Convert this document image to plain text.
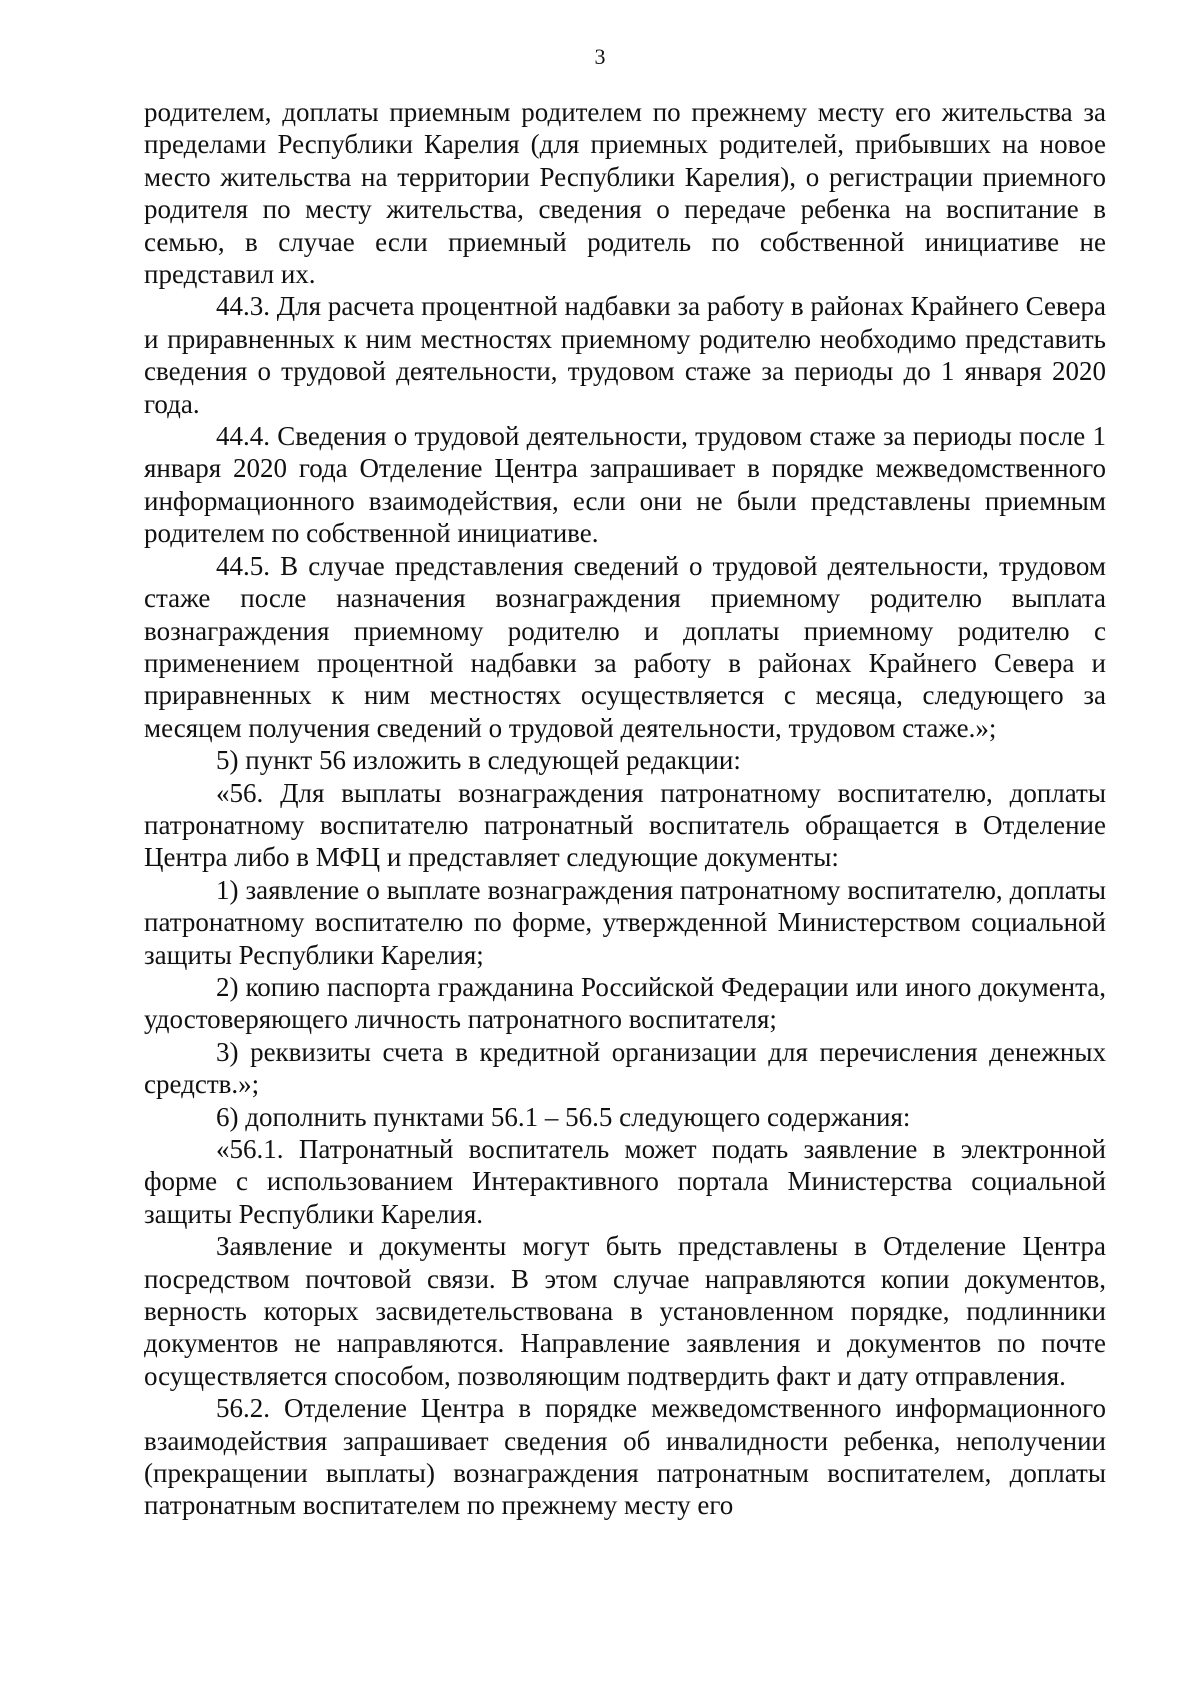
3

родителем, доплаты приемным родителем по прежнему месту его жительства за пределами Республики Карелия (для приемных родителей, прибывших на новое место жительства на территории Республики Карелия), о регистрации приемного родителя по месту жительства, сведения о передаче ребенка на воспитание в семью, в случае если приемный родитель по собственной инициативе не представил их.

44.3. Для расчета процентной надбавки за работу в районах Крайнего Севера и приравненных к ним местностях приемному родителю необходимо представить сведения о трудовой деятельности, трудовом стаже за периоды до 1 января 2020 года.

44.4. Сведения о трудовой деятельности, трудовом стаже за периоды после 1 января 2020 года Отделение Центра запрашивает в порядке межведомственного информационного взаимодействия, если они не были представлены приемным родителем по собственной инициативе.

44.5. В случае представления сведений о трудовой деятельности, трудовом стаже после назначения вознаграждения приемному родителю выплата вознаграждения приемному родителю и доплаты приемному родителю с применением процентной надбавки за работу в районах Крайнего Севера и приравненных к ним местностях осуществляется с месяца, следующего за месяцем получения сведений о трудовой деятельности, трудовом стаже.»;

5) пункт 56 изложить в следующей редакции:

«56. Для выплаты вознаграждения патронатному воспитателю, доплаты патронатному воспитателю патронатный воспитатель обращается в Отделение Центра либо в МФЦ и представляет следующие документы:

1) заявление о выплате вознаграждения патронатному воспитателю, доплаты патронатному воспитателю по форме, утвержденной Министерством социальной защиты Республики Карелия;

2) копию паспорта гражданина Российской Федерации или иного документа, удостоверяющего личность патронатного воспитателя;

3) реквизиты счета в кредитной организации для перечисления денежных средств.»;

6) дополнить пунктами 56.1 – 56.5 следующего содержания:

«56.1. Патронатный воспитатель может подать заявление в электронной форме с использованием Интерактивного портала Министерства социальной защиты Республики Карелия.

Заявление и документы могут быть представлены в Отделение Центра посредством почтовой связи. В этом случае направляются копии документов, верность которых засвидетельствована в установленном порядке, подлинники документов не направляются. Направление заявления и документов по почте осуществляется способом, позволяющим подтвердить факт и дату отправления.

56.2. Отделение Центра в порядке межведомственного информационного взаимодействия запрашивает сведения об инвалидности ребенка, неполучении (прекращении выплаты) вознаграждения патронатным воспитателем, доплаты патронатным воспитателем по прежнему месту его
